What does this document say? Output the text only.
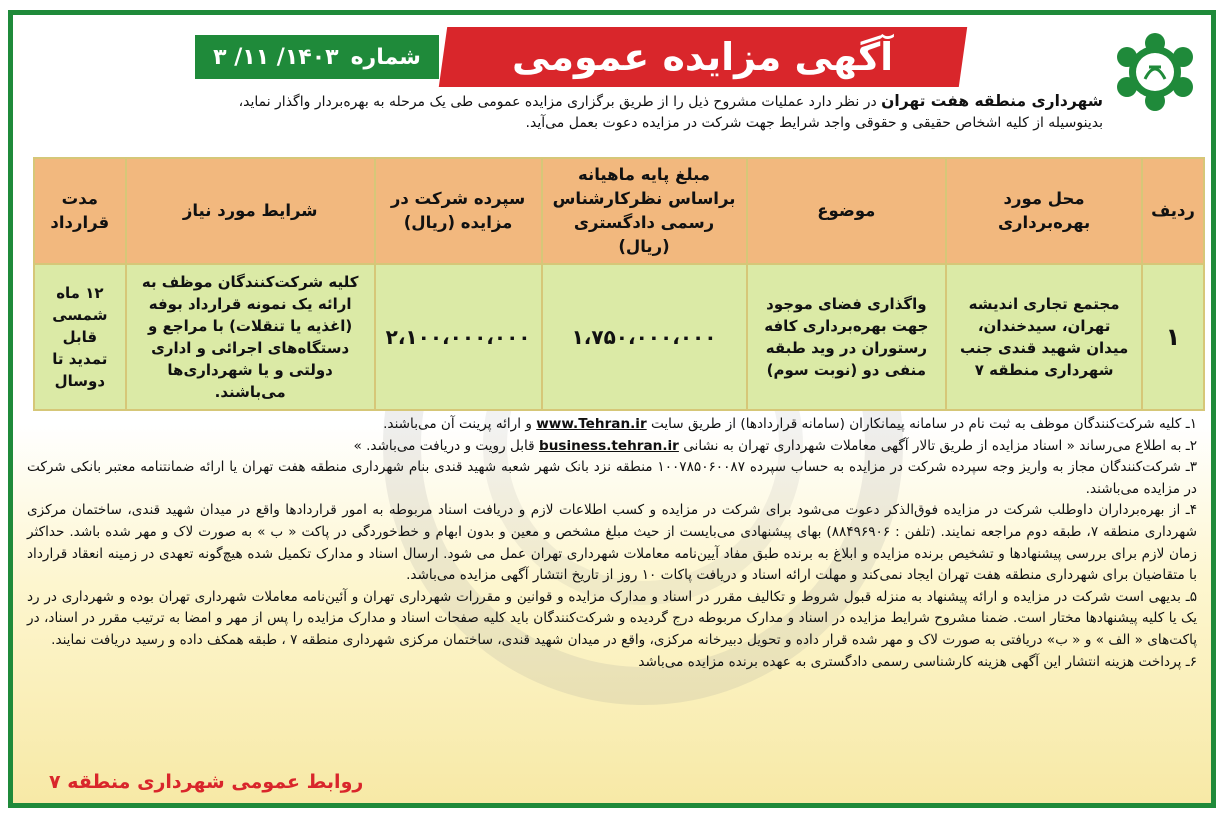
آگهی مزایده عمومی
شماره
۱۴۰۳/ ۱۱/ ۳
شهرداری منطقه هفت تهران در نظر دارد عملیات مشروح ذیل را از طریق برگزاری مزایده عمومی طی یک مرحله به بهره‌بردار واگذار نماید،
بدینوسیله از کلیه اشخاص حقیقی و حقوقی واجد شرایط جهت شرکت در مزایده دعوت بعمل می‌آید.
ردیف	محل مورد بهره‌برداری	موضوع	مبلغ پایه ماهیانه براساس نظرکارشناس رسمی دادگستری (ریال)	سپرده شرکت در مزایده (ریال)	شرایط مورد نیاز	مدت قرارداد
۱	مجتمع تجاری اندیشه تهران، سیدخندان، میدان شهید قندی جنب شهرداری منطقه ۷	واگذاری فضای موجود جهت بهره‌برداری کافه رستوران در وید طبقه منفی دو (نوبت سوم)	۱،۷۵۰،۰۰۰،۰۰۰	۲،۱۰۰،۰۰۰،۰۰۰	کلیه شرکت‌کنندگان موظف به ارائه یک نمونه قرارداد بوفه (اغذیه یا تنقلات) با مراجع و دستگاه‌های اجرائی و اداری دولتی و یا شهرداری‌ها می‌باشند.	۱۲ ماه شمسی قابل تمدید تا دوسال

۱ـ کلیه شرکت‌کنندگان موظف به ثبت نام در سامانه پیمانکاران (سامانه قراردادها) از طریق سایت www.Tehran.ir و ارائه پرینت آن می‌باشند.

۲ـ به اطلاع می‌رساند « اسناد مزایده از طریق تالار آگهی معاملات شهرداری تهران به نشانی business.tehran.ir قابل رویت و دریافت می‌باشد. »

۳ـ شرکت‌کنندگان مجاز به واریز وجه سپرده شرکت در مزایده به حساب سپرده ۱۰۰۷۸۵۰۶۰۰۸۷ منطقه نزد بانک شهر شعبه شهید قندی بنام شهرداری منطقه هفت تهران یا ارائه ضمانتنامه معتبر بانکی شرکت در مزایده می‌باشند.

۴ـ از بهره‌برداران داوطلب شرکت در مزایده فوق‌الذکر دعوت می‌شود برای شرکت در مزایده و کسب اطلاعات لازم و دریافت اسناد مربوطه به امور قراردادها واقع در میدان شهید قندی، ساختمان مرکزی شهرداری منطقه ۷، طبقه دوم مراجعه نمایند. (تلفن : ۸۸۴۹۶۹۰۶) بهای پیشنهادی می‌بایست از حیث مبلغ مشخص و معین و بدون ابهام و خط‌خوردگی در پاکت « ب » به صورت لاک و مهر شده باشد. حداکثر زمان لازم برای بررسی پیشنهادها و تشخیص برنده مزایده و ابلاغ به برنده طبق مفاد آیین‌نامه معاملات شهرداری تهران عمل می شود. ارسال اسناد و مدارک تکمیل شده هیچ‌گونه تعهدی در زمینه انعقاد قرارداد با متقاضیان برای شهرداری منطقه هفت تهران ایجاد نمی‌کند و مهلت ارائه اسناد و دریافت پاکات ۱۰ روز از تاریخ انتشار آگهی مزایده می‌باشد.

۵ـ بدیهی است شرکت در مزایده و ارائه پیشنهاد به منزله قبول شروط و تکالیف مقرر در اسناد و مدارک مزایده و قوانین و مقررات شهرداری تهران و آئین‌نامه معاملات شهرداری تهران بوده و شهرداری در رد یک یا کلیه پیشنهادها مختار است. ضمنا مشروح شرایط مزایده در اسناد و مدارک مربوطه درج گردیده و شرکت‌کنندگان باید کلیه صفحات اسناد و مدارک مزایده را پس از مهر و امضا به ترتیب مقرر در اسناد، در پاکت‌های « الف » و « ب» دریافتی به صورت لاک و مهر شده قرار داده و تحویل دبیرخانه مرکزی، واقع در میدان شهید قندی، ساختمان مرکزی شهرداری منطقه ۷ ، طبقه همکف داده و رسید دریافت نمایند.

۶ـ پرداخت هزینه انتشار این آگهی هزینه کارشناسی رسمی دادگستری به عهده برنده مزایده می‌باشد

روابط عمومی شهرداری منطقه ۷
